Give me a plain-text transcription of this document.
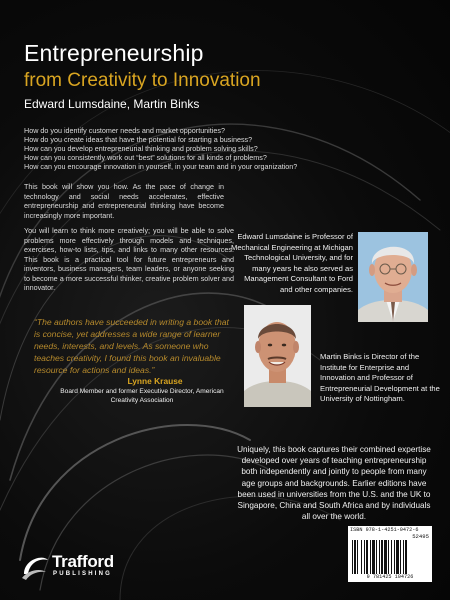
Entrepreneurship
from Creativity to Innovation
Edward Lumsdaine, Martin Binks
How do you identify customer needs and market opportunities?
How do you create ideas that have the potential for starting a business?
How can you develop entrepreneurial thinking and problem solving skills?
How can you consistently work out “best” solutions for all kinds of problems?
How can you encourage innovation in yourself, in your team and in your organization?
This book will show you how. As the pace of change in technology and social needs accelerates, effective entrepreneurship and entrepreneurial thinking have become increasingly more important.
You will learn to think more creatively; you will be able to solve problems more effectively through models and techniques, exercises, how-to lists, tips, and links to many other resources. This book is a practical tool for future entrepreneurs and inventors, business managers, team leaders, or anyone seeking to become a more successful thinker, creative problem solver and innovator.
Edward Lumsdaine is Professor of Mechanical Engineering at Michigan Technological University, and for many years he also served as Management Consultant to Ford and other companies.
Martin Binks is Director of the Institute for Enterprise and Innovation and Professor of Entrepreneurial Development at the University of Nottingham.
“The authors have succeeded in writing a book that is concise, yet addresses a wide range of learner needs, interests, and levels. As someone who teaches creativity, I found this book an invaluable resource for actions and ideas.”
Lynne Krause
Board Member and former Executive Director, American Creativity Association
Uniquely, this book captures their combined expertise developed over years of teaching entrepreneurship both independently and jointly to people from many age groups and backgrounds. Earlier editions have been used in universities from the U.S. and the UK to Singapore, China and South Africa and by individuals all over the world.
ISBN 978-1-4251-0472-6
52495
9 781425 104726
Trafford
PUBLISHING
